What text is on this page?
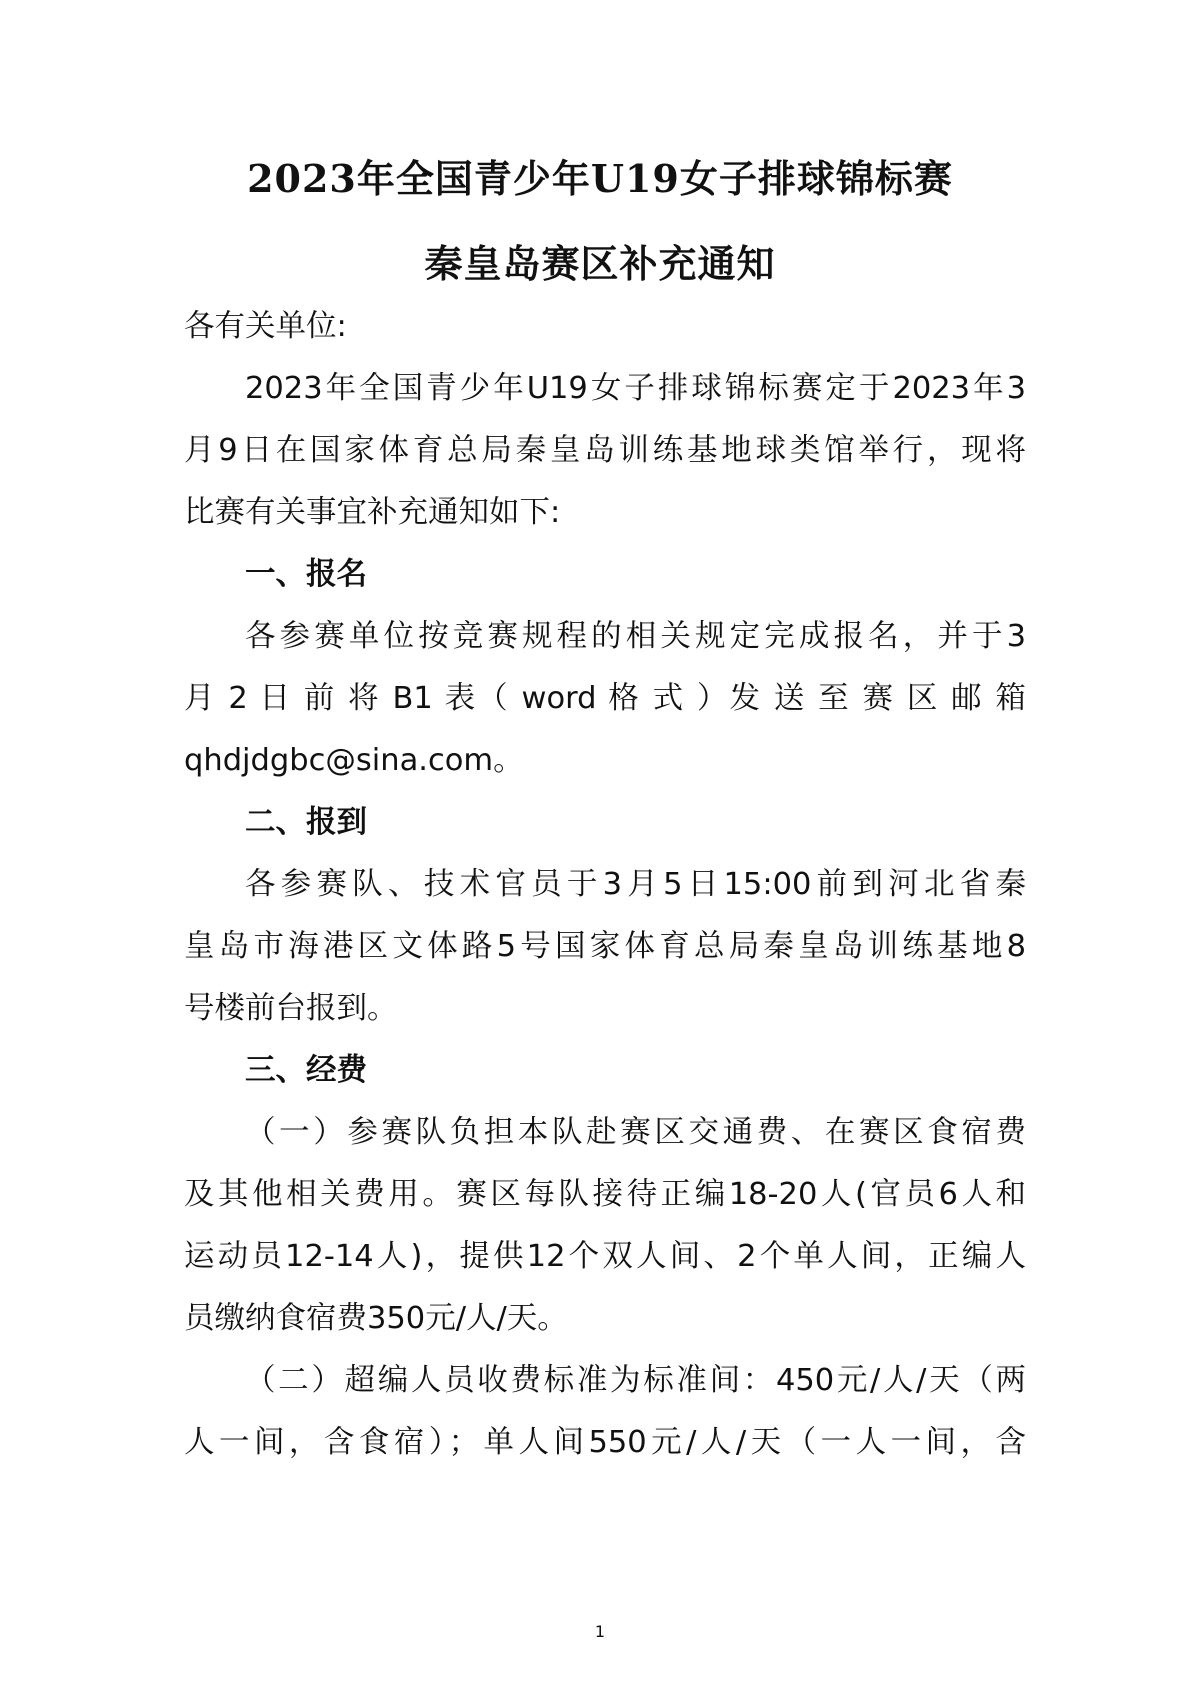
2023年全国青少年U19女子排球锦标赛
秦皇岛赛区补充通知
各有关单位:
2023年全国青少年U19女子排球锦标赛定于2023年3
月9日在国家体育总局秦皇岛训练基地球类馆举行，现将
比赛有关事宜补充通知如下:
一、报名
各参赛单位按竞赛规程的相关规定完成报名，并于3
月 2 日 前 将 B1 表（ word 格 式 ）发 送 至 赛 区 邮 箱
qhdjdgbc@sina.com。
二、报到
各参赛队、技术官员于3月5日15:00前到河北省秦
皇岛市海港区文体路5号国家体育总局秦皇岛训练基地8
号楼前台报到。
三、经费
（一）参赛队负担本队赴赛区交通费、在赛区食宿费
及其他相关费用。赛区每队接待正编18-20人(官员6人和
运动员12-14人)，提供12个双人间、2个单人间，正编人
员缴纳食宿费350元/人/天。
（二）超编人员收费标准为标准间：450元/人/天（两
人一间，含食宿）；单人间550元/人/天（一人一间，含
1
